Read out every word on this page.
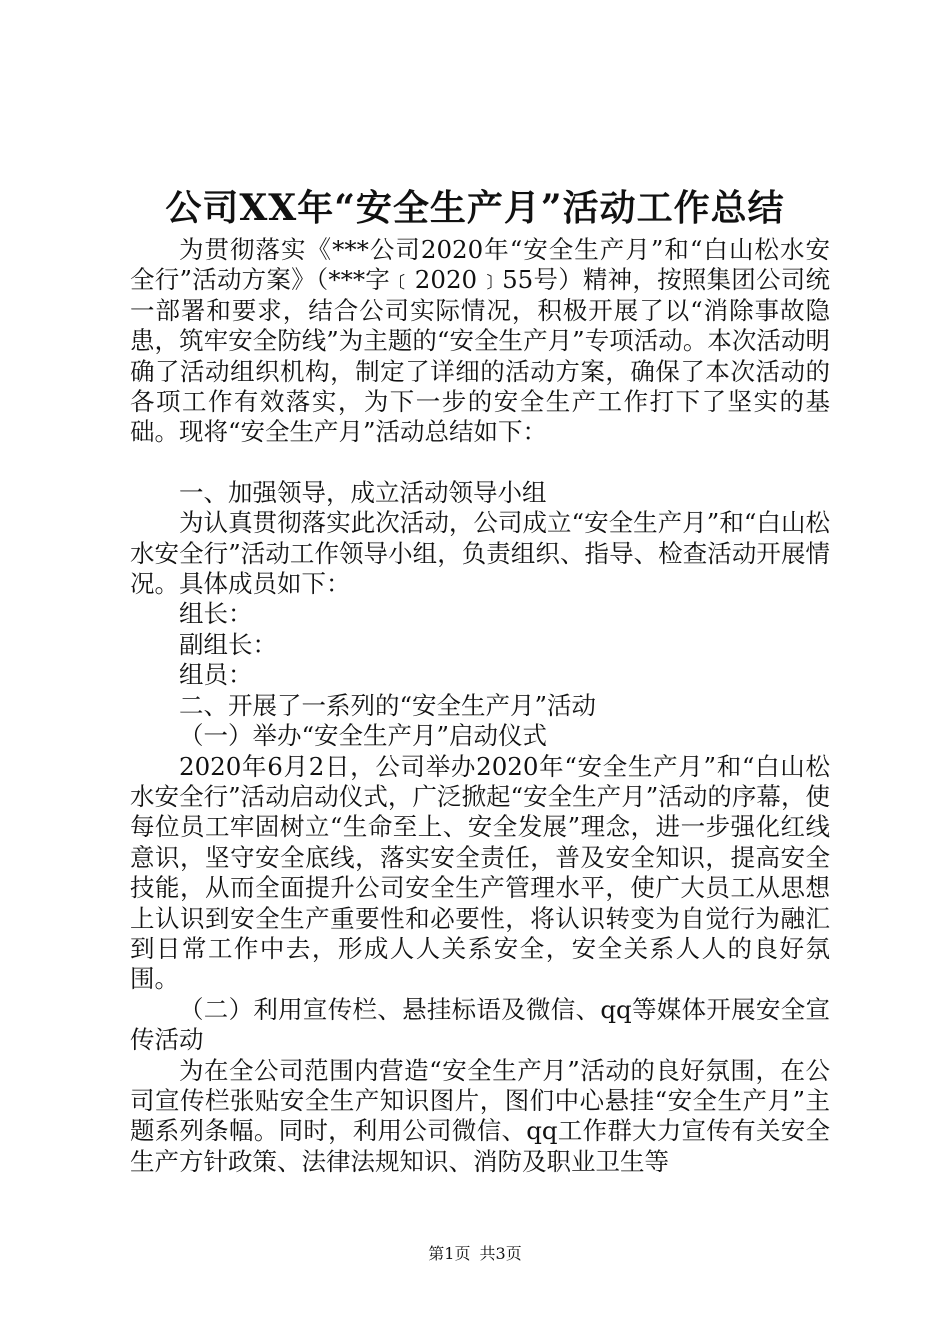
公司XX年“安全生产月”活动工作总结

为贯彻落实《***公司2020年“安全生产月”和“白山松水安全行”活动方案》（***字﹝2020﹞55号）精神，按照集团公司统一部署和要求，结合公司实际情况，积极开展了以“消除事故隐患，筑牢安全防线”为主题的“安全生产月”专项活动。本次活动明确了活动组织机构，制定了详细的活动方案，确保了本次活动的各项工作有效落实，为下一步的安全生产工作打下了坚实的基础。现将“安全生产月”活动总结如下：

一、加强领导，成立活动领导小组

为认真贯彻落实此次活动，公司成立“安全生产月”和“白山松水安全行”活动工作领导小组，负责组织、指导、检查活动开展情况。具体成员如下：

组长：

副组长：

组员：

二、开展了一系列的“安全生产月”活动

（一）举办“安全生产月”启动仪式

2020年6月2日，公司举办2020年“安全生产月”和“白山松水安全行”活动启动仪式，广泛掀起“安全生产月”活动的序幕，使每位员工牢固树立“生命至上、安全发展”理念，进一步强化红线意识，坚守安全底线，落实安全责任，普及安全知识，提高安全技能，从而全面提升公司安全生产管理水平，使广大员工从思想上认识到安全生产重要性和必要性，将认识转变为自觉行为融汇到日常工作中去，形成人人关系安全，安全关系人人的良好氛围。

（二）利用宣传栏、悬挂标语及微信、qq等媒体开展安全宣传活动

为在全公司范围内营造“安全生产月”活动的良好氛围，在公司宣传栏张贴安全生产知识图片，图们中心悬挂“安全生产月”主题系列条幅。同时，利用公司微信、qq工作群大力宣传有关安全生产方针政策、法律法规知识、消防及职业卫生等

第1页 共3页
